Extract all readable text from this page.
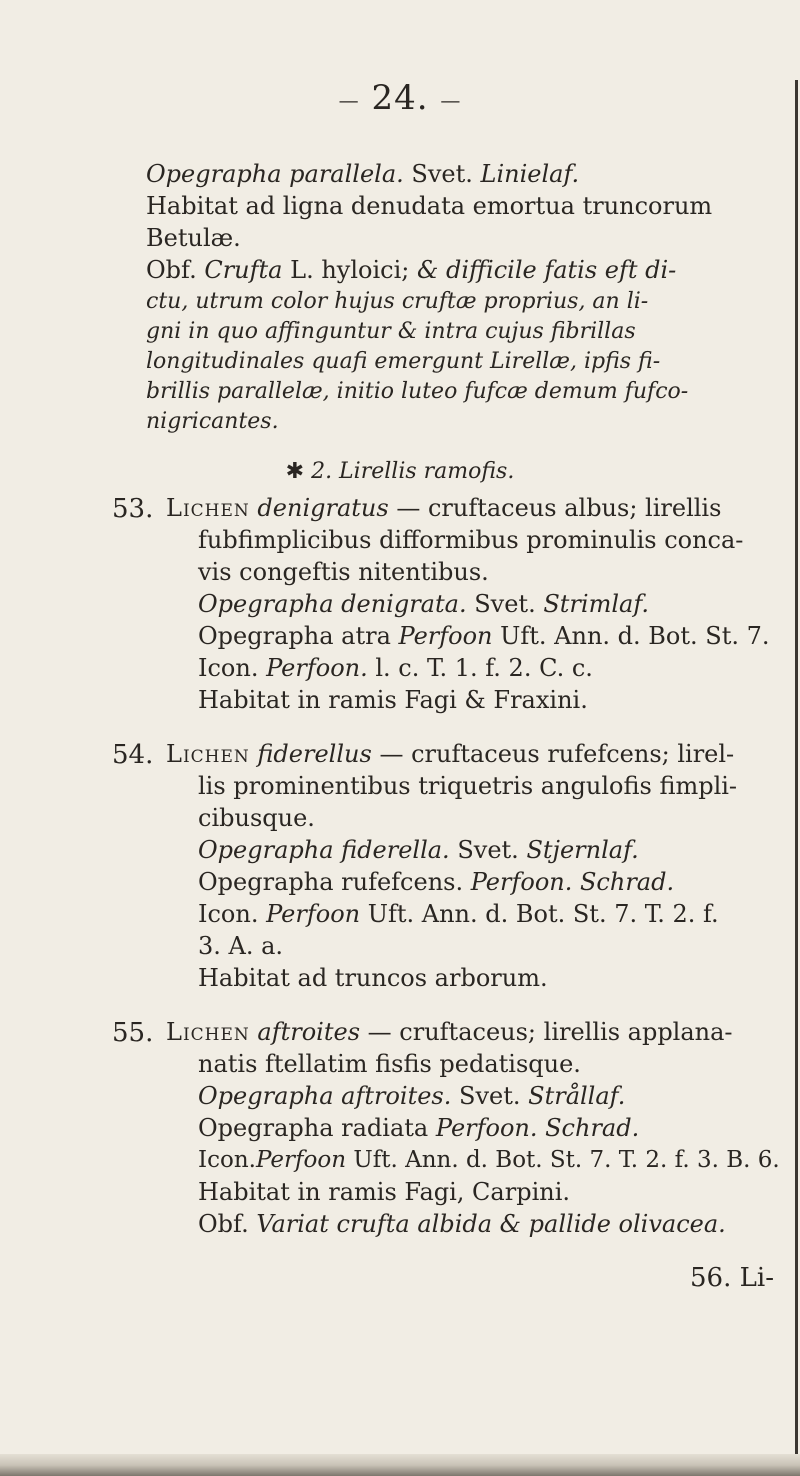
— 24. —
Opegrapha parallela. Svet. Linielaf.
Habitat ad ligna denudata emortua truncorum
Betulæ.
Obf. Crufta L. hyloici; & difficile fatis eft di-
ctu, utrum color hujus cruftæ proprius, an li-
gni in quo affinguntur & intra cujus fibrillas
longitudinales quafi emergunt Lirellæ, ipfis fi-
brillis parallelæ, initio luteo fufcæ demum fufco-
nigricantes.
✱ 2. Lirellis ramofis.
53. Lichen denigratus — cruftaceus albus; lirellis
fubfimplicibus difformibus prominulis conca-
vis congeftis nitentibus.
Opegrapha denigrata. Svet. Strimlaf.
Opegrapha atra Perfoon Uft. Ann. d. Bot. St. 7.
Icon. Perfoon. l. c. T. 1. f. 2. C. c.
Habitat in ramis Fagi & Fraxini.
54. Lichen fiderellus — cruftaceus rufefcens; lirel-
lis prominentibus triquetris angulofis fimpli-
cibusque.
Opegrapha fiderella. Svet. Stjernlaf.
Opegrapha rufefcens. Perfoon. Schrad.
Icon. Perfoon Uft. Ann. d. Bot. St. 7. T. 2. f.
3. A. a.
Habitat ad truncos arborum.
55. Lichen aftroites — cruftaceus; lirellis applana-
natis ftellatim fisfis pedatisque.
Opegrapha aftroites. Svet. Strållaf.
Opegrapha radiata Perfoon. Schrad.
Icon.Perfoon Uft. Ann. d. Bot. St. 7. T. 2. f. 3. B. 6.
Habitat in ramis Fagi, Carpini.
Obf. Variat crufta albida & pallide olivacea.
56. Li-
